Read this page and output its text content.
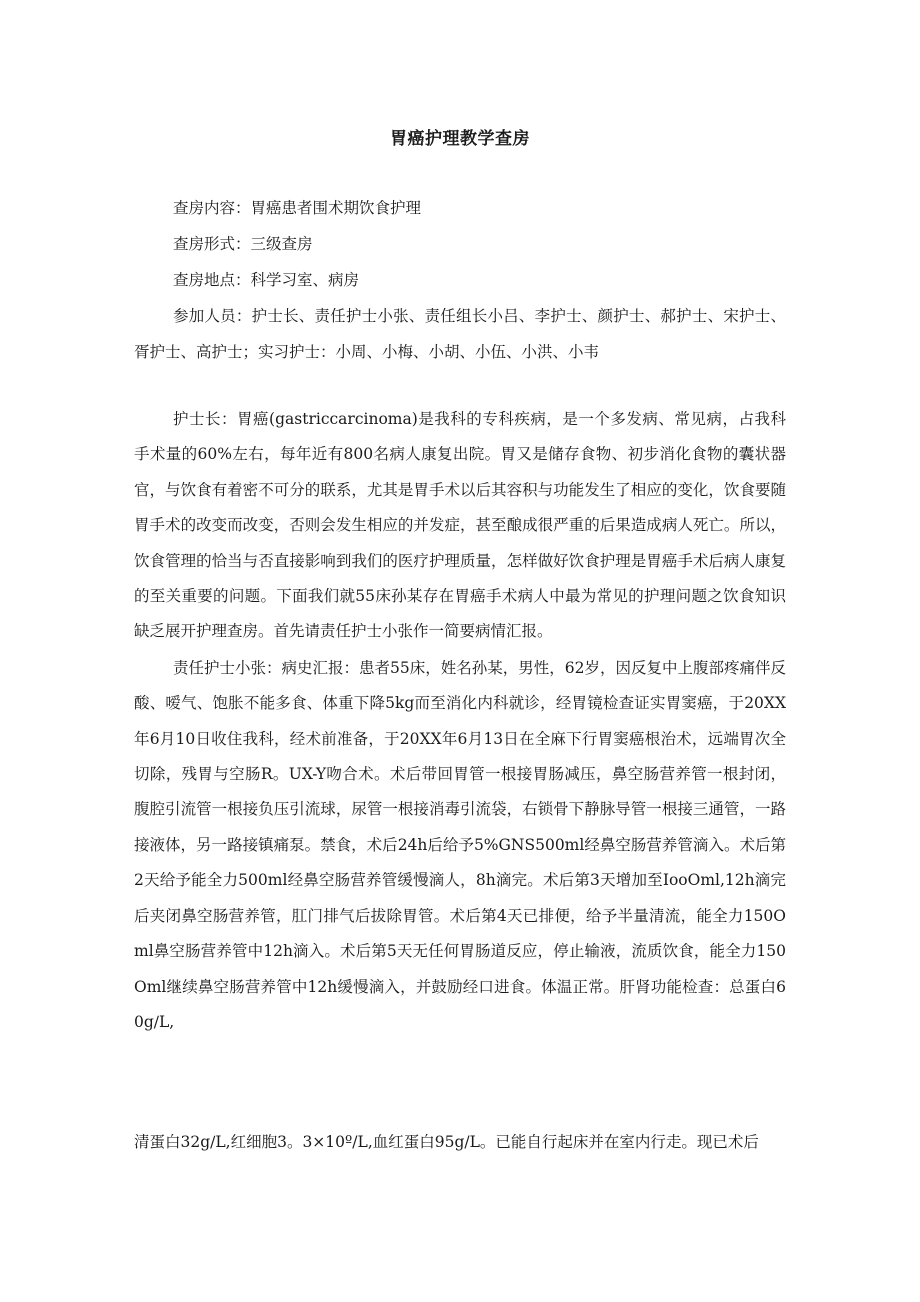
胃癌护理教学查房
查房内容：胃癌患者围术期饮食护理
查房形式：三级查房
查房地点：科学习室、病房
参加人员：护士长、责任护士小张、责任组长小吕、李护士、颜护士、郝护士、宋护士、胥护士、高护士；实习护士：小周、小梅、小胡、小伍、小洪、小韦

护士长：胃癌(gastriccarcinoma)是我科的专科疾病，是一个多发病、常见病，占我科手术量的60%左右，每年近有800名病人康复出院。胃又是储存食物、初步消化食物的囊状器官，与饮食有着密不可分的联系，尤其是胃手术以后其容积与功能发生了相应的变化，饮食要随胃手术的改变而改变，否则会发生相应的并发症，甚至酿成很严重的后果造成病人死亡。所以，饮食管理的恰当与否直接影响到我们的医疗护理质量，怎样做好饮食护理是胃癌手术后病人康复的至关重要的问题。下面我们就55床孙某存在胃癌手术病人中最为常见的护理问题之饮食知识缺乏展开护理查房。首先请责任护士小张作一简要病情汇报。

责任护士小张：病史汇报：患者55床，姓名孙某，男性，62岁，因反复中上腹部疼痛伴反酸、嗳气、饱胀不能多食、体重下降5kg而至消化内科就诊，经胃镜检查证实胃窦癌，于20XX年6月10日收住我科，经术前准备，于20XX年6月13日在全麻下行胃窦癌根治术，远端胃次全切除，残胃与空肠R。UX-Y吻合术。术后带回胃管一根接胃肠减压，鼻空肠营养管一根封闭，腹腔引流管一根接负压引流球，尿管一根接消毒引流袋，右锁骨下静脉导管一根接三通管，一路接液体，另一路接镇痛泵。禁食，术后24h后给予5%GNS500ml经鼻空肠营养管滴入。术后第2天给予能全力500ml经鼻空肠营养管缓慢滴人，8h滴完。术后第3天增加至IooOml,12h滴完后夹闭鼻空肠营养管，肛门排气后拔除胃管。术后第4天已排便，给予半量清流，能全力150Oml鼻空肠营养管中12h滴入。术后第5天无任何胃肠道反应，停止输液，流质饮食，能全力150Oml继续鼻空肠营养管中12h缓慢滴入，并鼓励经口进食。体温正常。肝肾功能检查：总蛋白60g∕L,

清蛋白32g∕L,红细胞3。3×10º/L,血红蛋白95g/L。已能自行起床并在室内行走。现已术后
